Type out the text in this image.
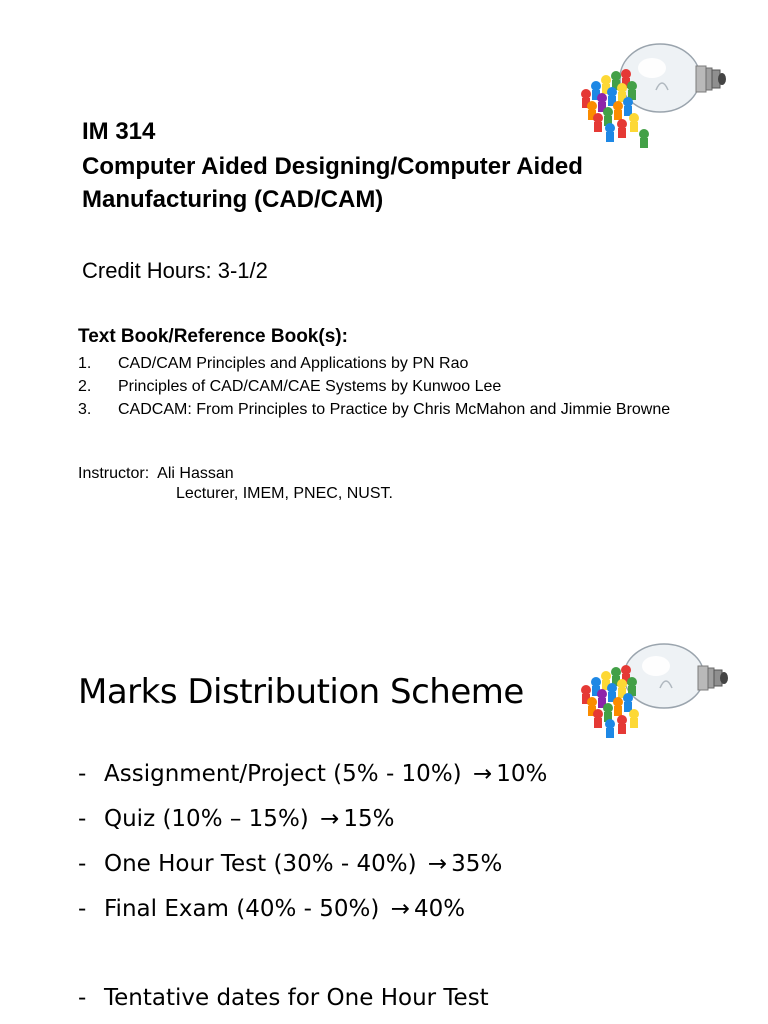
IM 314

Computer Aided Designing/Computer Aided Manufacturing (CAD/CAM)

Credit Hours: 3-1/2

Text Book/Reference Book(s):

1. CAD/CAM Principles and Applications by PN Rao
2. Principles of CAD/CAM/CAE Systems by Kunwoo Lee
3. CADCAM: From Principles to Practice by Chris McMahon and Jimmie Browne
Instructor: Ali Hassan
Lecturer, IMEM, PNEC, NUST.
Marks Distribution Scheme
- Assignment/Project (5% - 10%) → 10%
- Quiz (10% – 15%) → 15%
- One Hour Test (30% - 40%) → 35%
- Final Exam (40% - 50%) → 40%
- Tentative dates for One Hour Test
